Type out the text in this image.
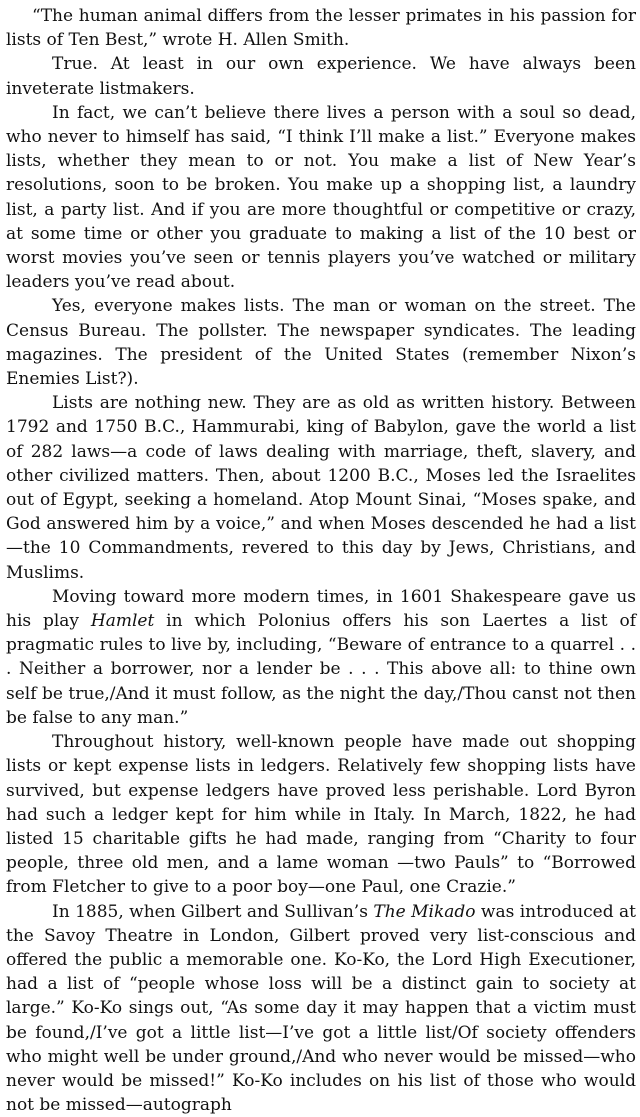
“The human animal differs from the lesser primates in his passion for lists of Ten Best,” wrote H. Allen Smith.

True. At least in our own experience. We have always been inveterate listmakers.

In fact, we can’t believe there lives a person with a soul so dead, who never to himself has said, “I think I’ll make a list.” Everyone makes lists, whether they mean to or not. You make a list of New Year’s resolutions, soon to be broken. You make up a shopping list, a laundry list, a party list. And if you are more thoughtful or competitive or crazy, at some time or other you graduate to making a list of the 10 best or worst movies you’ve seen or tennis players you’ve watched or military leaders you’ve read about.

Yes, everyone makes lists. The man or woman on the street. The Census Bureau. The pollster. The newspaper syndicates. The leading magazines. The president of the United States (remember Nixon’s Enemies List?).

Lists are nothing new. They are as old as written history. Between 1792 and 1750 B.C., Hammurabi, king of Babylon, gave the world a list of 282 laws—a code of laws dealing with marriage, theft, slavery, and other civilized matters. Then, about 1200 B.C., Moses led the Israelites out of Egypt, seeking a homeland. Atop Mount Sinai, “Moses spake, and God answered him by a voice,” and when Moses descended he had a list—the 10 Commandments, revered to this day by Jews, Christians, and Muslims.

Moving toward more modern times, in 1601 Shakespeare gave us his play Hamlet in which Polonius offers his son Laertes a list of pragmatic rules to live by, including, “Beware of entrance to a quarrel . . . Neither a borrower, nor a lender be . . . This above all: to thine own self be true,/And it must follow, as the night the day,/Thou canst not then be false to any man.”

Throughout history, well-known people have made out shopping lists or kept expense lists in ledgers. Relatively few shopping lists have survived, but expense ledgers have proved less perishable. Lord Byron had such a ledger kept for him while in Italy. In March, 1822, he had listed 15 charitable gifts he had made, ranging from “Charity to four people, three old men, and a lame woman —two Pauls” to “Borrowed from Fletcher to give to a poor boy—one Paul, one Crazie.”

In 1885, when Gilbert and Sullivan’s The Mikado was introduced at the Savoy Theatre in London, Gilbert proved very list-conscious and offered the public a memorable one. Ko-Ko, the Lord High Executioner, had a list of “people whose loss will be a distinct gain to society at large.” Ko-Ko sings out, “As some day it may happen that a victim must be found,/I’ve got a little list—I’ve got a little list/Of society offenders who might well be under ground,/And who never would be missed—who never would be missed!” Ko-Ko includes on his list of those who would not be missed—autograph
